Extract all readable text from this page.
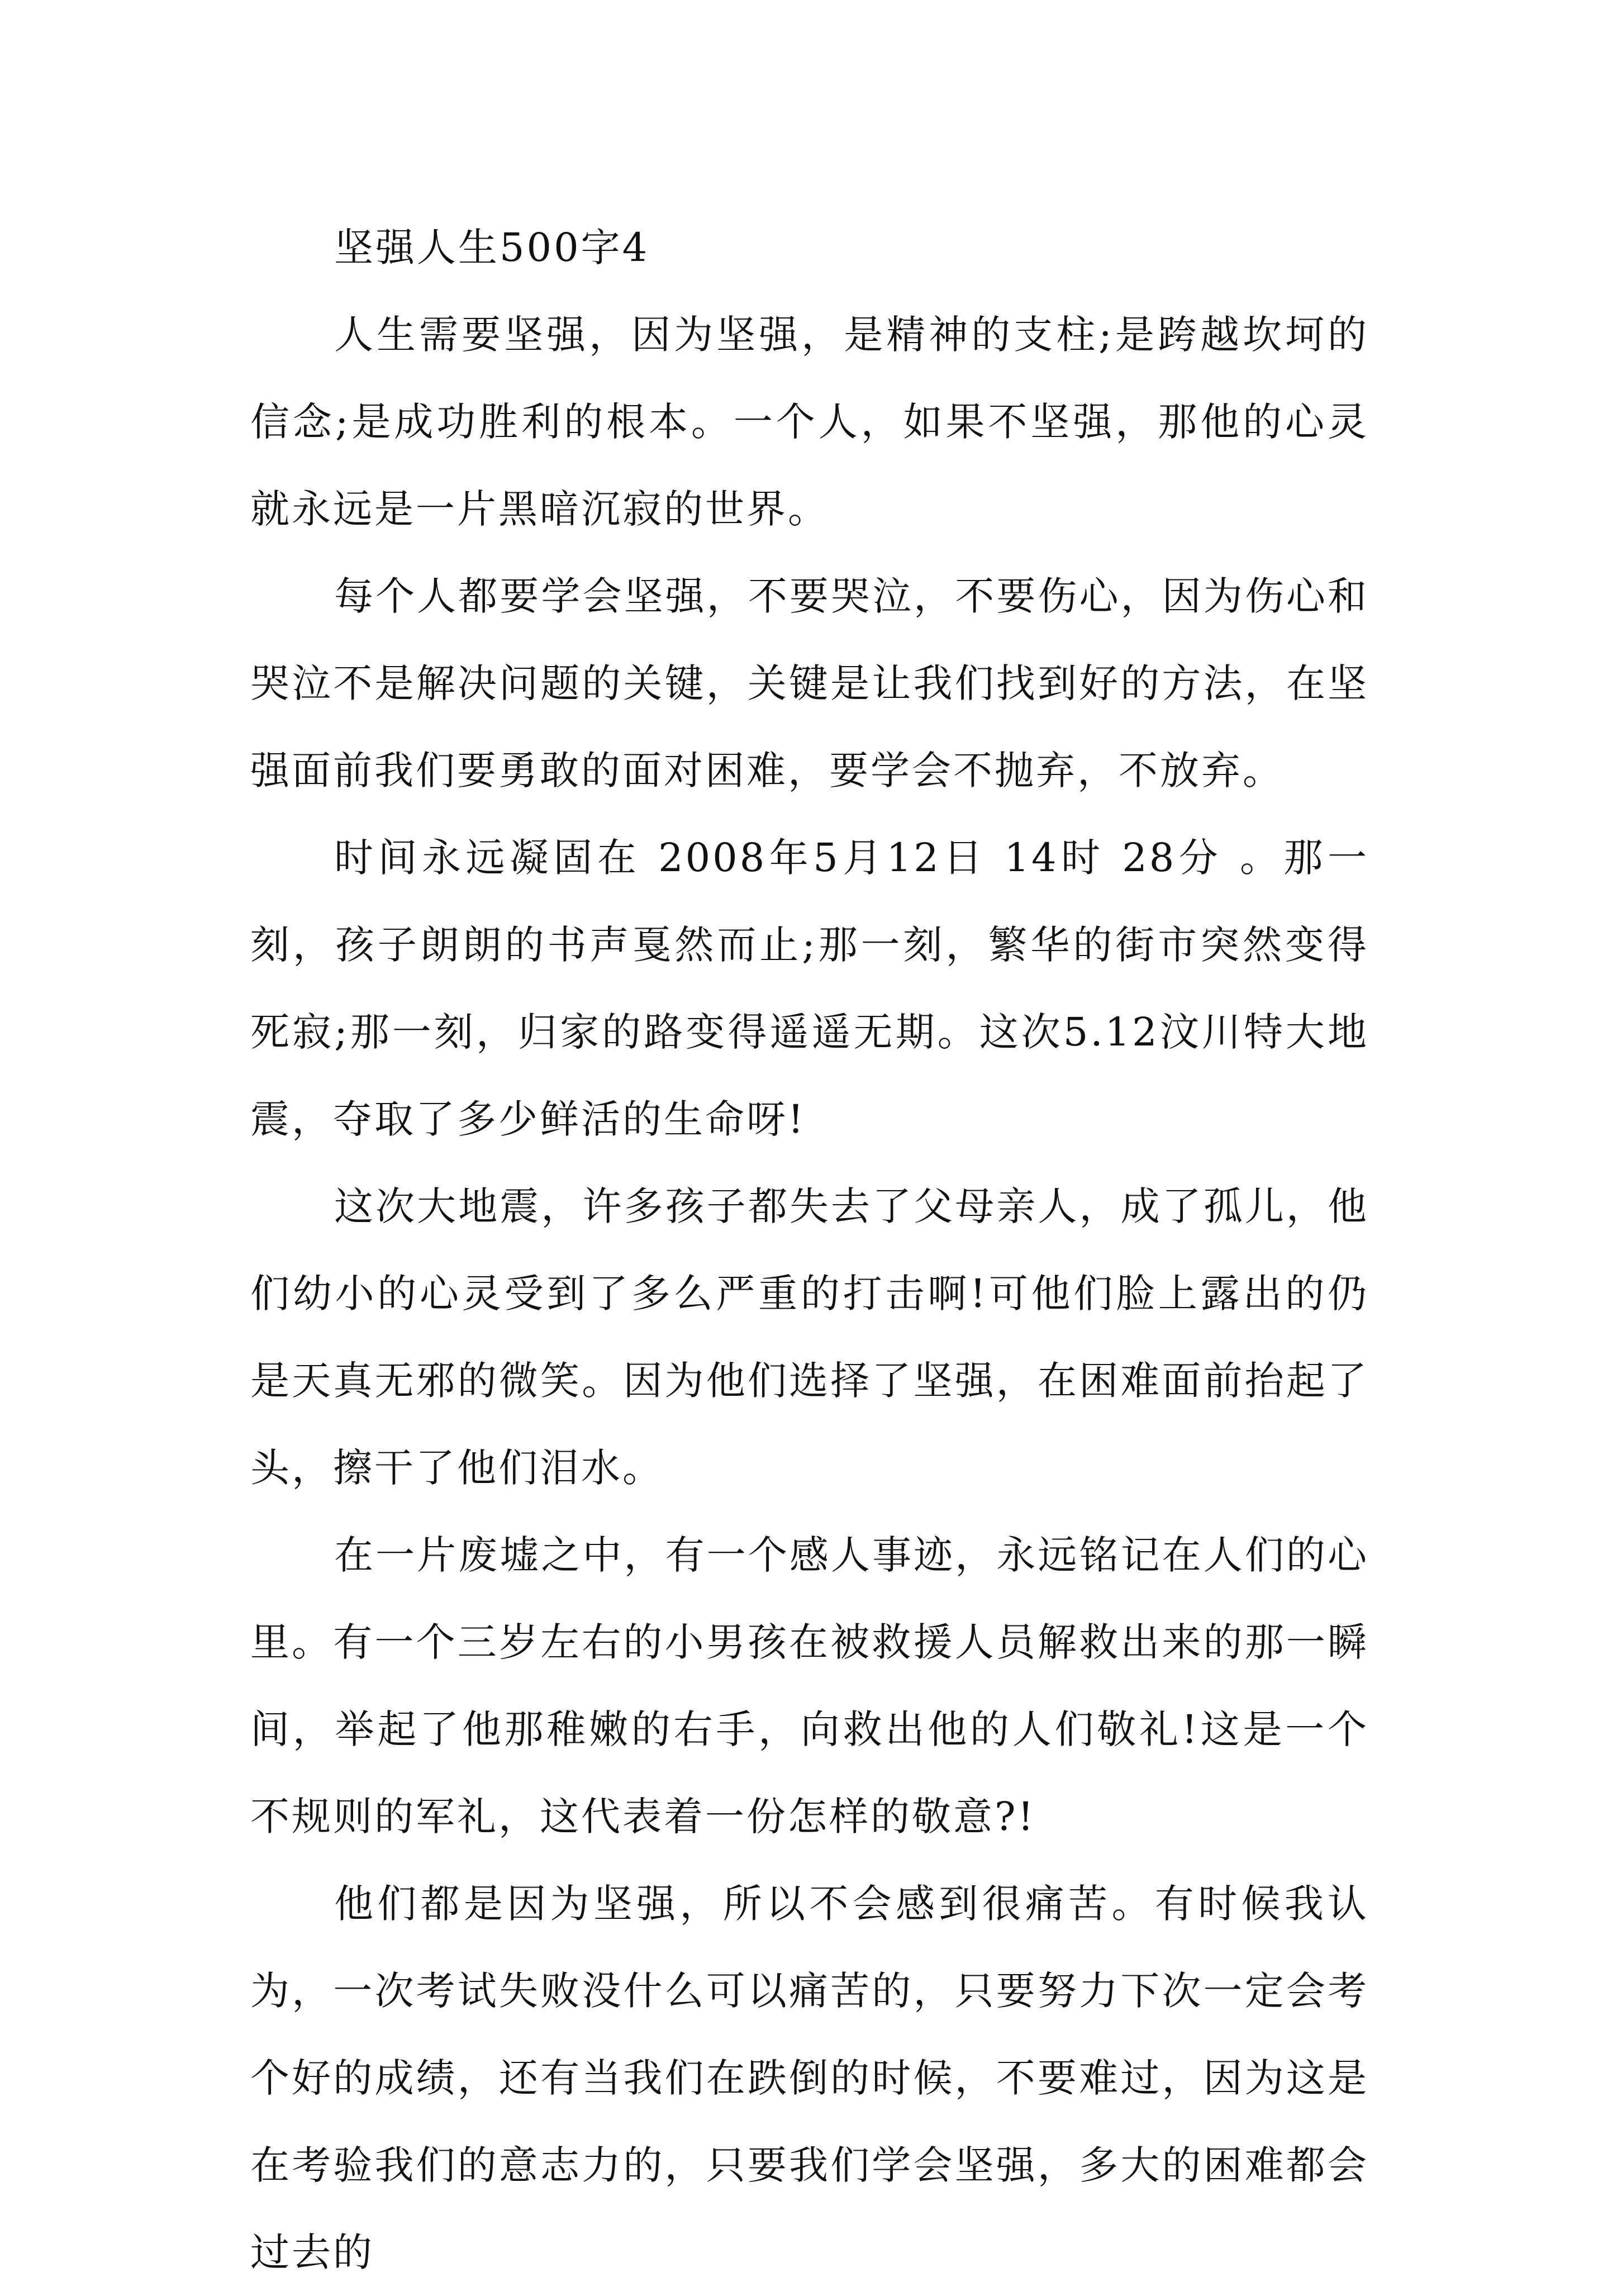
坚强人生500字4

人生需要坚强，因为坚强，是精神的支柱;是跨越坎坷的信念;是成功胜利的根本。一个人，如果不坚强，那他的心灵就永远是一片黑暗沉寂的世界。

每个人都要学会坚强，不要哭泣，不要伤心，因为伤心和哭泣不是解决问题的关键，关键是让我们找到好的方法，在坚强面前我们要勇敢的面对困难，要学会不抛弃，不放弃。

时间永远凝固在 2008年5月12日 14时 28分 。那一刻，孩子朗朗的书声戛然而止;那一刻，繁华的街市突然变得死寂;那一刻，归家的路变得遥遥无期。这次5.12汶川特大地震，夺取了多少鲜活的生命呀!

这次大地震，许多孩子都失去了父母亲人，成了孤儿，他们幼小的心灵受到了多么严重的打击啊!可他们脸上露出的仍是天真无邪的微笑。因为他们选择了坚强，在困难面前抬起了头，擦干了他们泪水。

在一片废墟之中，有一个感人事迹，永远铭记在人们的心里。有一个三岁左右的小男孩在被救援人员解救出来的那一瞬间，举起了他那稚嫩的右手，向救出他的人们敬礼!这是一个不规则的军礼，这代表着一份怎样的敬意?!

他们都是因为坚强，所以不会感到很痛苦。有时候我认为，一次考试失败没什么可以痛苦的，只要努力下次一定会考个好的成绩，还有当我们在跌倒的时候，不要难过，因为这是在考验我们的意志力的，只要我们学会坚强，多大的困难都会过去的
